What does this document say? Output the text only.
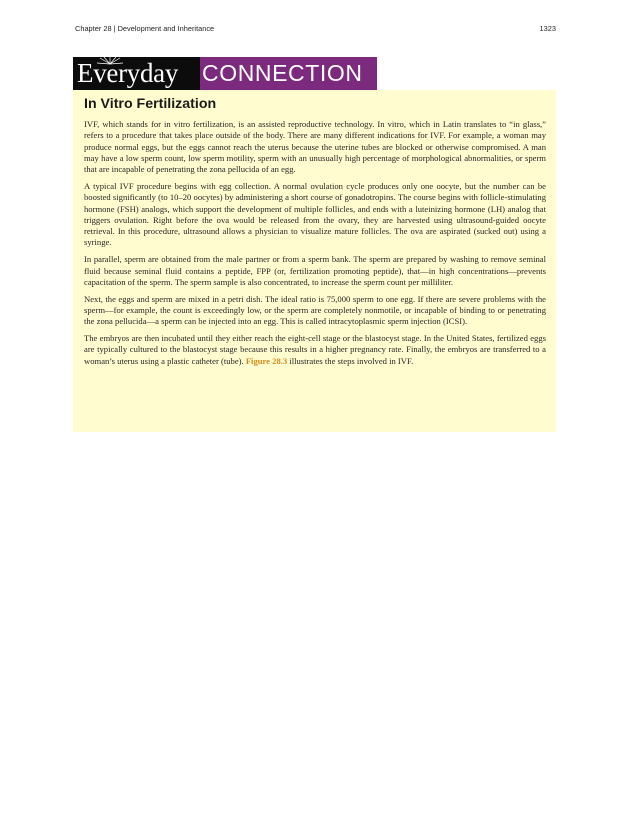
Chapter 28 | Development and Inheritance	1323
Everyday CONNECTION
In Vitro Fertilization

IVF, which stands for in vitro fertilization, is an assisted reproductive technology. In vitro, which in Latin translates to “in glass,” refers to a procedure that takes place outside of the body. There are many different indications for IVF. For example, a woman may produce normal eggs, but the eggs cannot reach the uterus because the uterine tubes are blocked or otherwise compromised. A man may have a low sperm count, low sperm motility, sperm with an unusually high percentage of morphological abnormalities, or sperm that are incapable of penetrating the zona pellucida of an egg.

A typical IVF procedure begins with egg collection. A normal ovulation cycle produces only one oocyte, but the number can be boosted significantly (to 10–20 oocytes) by administering a short course of gonadotropins. The course begins with follicle-stimulating hormone (FSH) analogs, which support the development of multiple follicles, and ends with a luteinizing hormone (LH) analog that triggers ovulation. Right before the ova would be released from the ovary, they are harvested using ultrasound-guided oocyte retrieval. In this procedure, ultrasound allows a physician to visualize mature follicles. The ova are aspirated (sucked out) using a syringe.

In parallel, sperm are obtained from the male partner or from a sperm bank. The sperm are prepared by washing to remove seminal fluid because seminal fluid contains a peptide, FPP (or, fertilization promoting peptide), that—in high concentrations—prevents capacitation of the sperm. The sperm sample is also concentrated, to increase the sperm count per milliliter.

Next, the eggs and sperm are mixed in a petri dish. The ideal ratio is 75,000 sperm to one egg. If there are severe problems with the sperm—for example, the count is exceedingly low, or the sperm are completely nonmotile, or incapable of binding to or penetrating the zona pellucida—a sperm can be injected into an egg. This is called intracytoplasmic sperm injection (ICSI).

The embryos are then incubated until they either reach the eight-cell stage or the blastocyst stage. In the United States, fertilized eggs are typically cultured to the blastocyst stage because this results in a higher pregnancy rate. Finally, the embryos are transferred to a woman’s uterus using a plastic catheter (tube). Figure 28.3 illustrates the steps involved in IVF.
